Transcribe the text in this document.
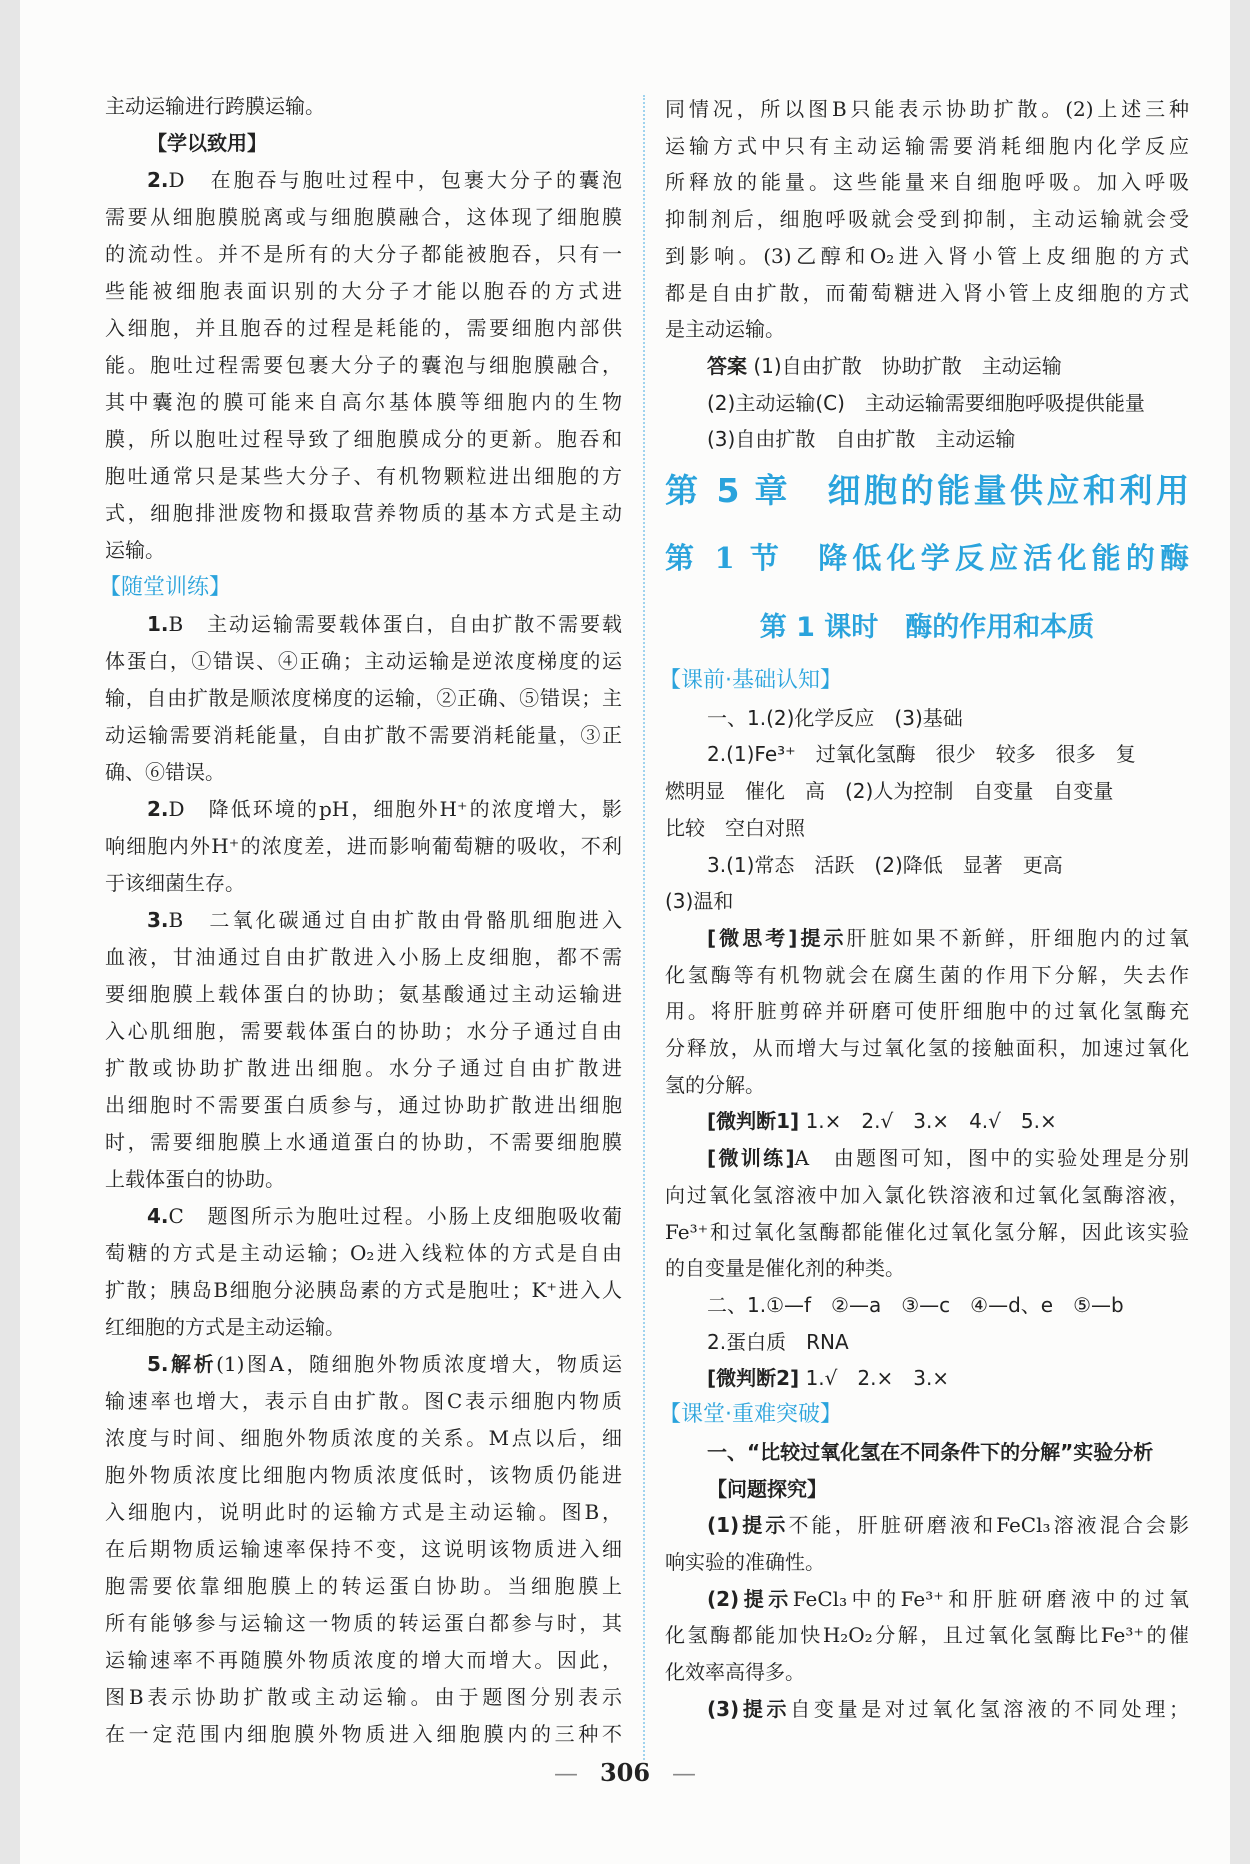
主动运输进行跨膜运输。
【学以致用】
2.D　在胞吞与胞吐过程中，包裹大分子的囊泡
需要从细胞膜脱离或与细胞膜融合，这体现了细胞膜
的流动性。并不是所有的大分子都能被胞吞，只有一
些能被细胞表面识别的大分子才能以胞吞的方式进
入细胞，并且胞吞的过程是耗能的，需要细胞内部供
能。胞吐过程需要包裹大分子的囊泡与细胞膜融合，
其中囊泡的膜可能来自高尔基体膜等细胞内的生物
膜，所以胞吐过程导致了细胞膜成分的更新。胞吞和
胞吐通常只是某些大分子、有机物颗粒进出细胞的方
式，细胞排泄废物和摄取营养物质的基本方式是主动
运输。
【随堂训练】
1.B　主动运输需要载体蛋白，自由扩散不需要载
体蛋白，①错误、④正确；主动运输是逆浓度梯度的运
输，自由扩散是顺浓度梯度的运输，②正确、⑤错误；主
动运输需要消耗能量，自由扩散不需要消耗能量，③正
确、⑥错误。
2.D　降低环境的pH，细胞外H⁺的浓度增大，影
响细胞内外H⁺的浓度差，进而影响葡萄糖的吸收，不利
于该细菌生存。
3.B　二氧化碳通过自由扩散由骨骼肌细胞进入
血液，甘油通过自由扩散进入小肠上皮细胞，都不需
要细胞膜上载体蛋白的协助；氨基酸通过主动运输进
入心肌细胞，需要载体蛋白的协助；水分子通过自由
扩散或协助扩散进出细胞。水分子通过自由扩散进
出细胞时不需要蛋白质参与，通过协助扩散进出细胞
时，需要细胞膜上水通道蛋白的协助，不需要细胞膜
上载体蛋白的协助。
4.C　题图所示为胞吐过程。小肠上皮细胞吸收葡
萄糖的方式是主动运输；O₂进入线粒体的方式是自由
扩散；胰岛B细胞分泌胰岛素的方式是胞吐；K⁺进入人
红细胞的方式是主动运输。
5.解析(1)图A，随细胞外物质浓度增大，物质运
输速率也增大，表示自由扩散。图C表示细胞内物质
浓度与时间、细胞外物质浓度的关系。M点以后，细
胞外物质浓度比细胞内物质浓度低时，该物质仍能进
入细胞内，说明此时的运输方式是主动运输。图B，
在后期物质运输速率保持不变，这说明该物质进入细
胞需要依靠细胞膜上的转运蛋白协助。当细胞膜上
所有能够参与运输这一物质的转运蛋白都参与时，其
运输速率不再随膜外物质浓度的增大而增大。因此，
图B表示协助扩散或主动运输。由于题图分别表示
在一定范围内细胞膜外物质进入细胞膜内的三种不
同情况，所以图B只能表示协助扩散。(2)上述三种
运输方式中只有主动运输需要消耗细胞内化学反应
所释放的能量。这些能量来自细胞呼吸。加入呼吸
抑制剂后，细胞呼吸就会受到抑制，主动运输就会受
到影响。(3)乙醇和O₂进入肾小管上皮细胞的方式
都是自由扩散，而葡萄糖进入肾小管上皮细胞的方式
是主动运输。
答案 (1)自由扩散　协助扩散　主动运输
(2)主动运输(C)　主动运输需要细胞呼吸提供能量
(3)自由扩散　自由扩散　主动运输
第 5 章　细胞的能量供应和利用
第 1 节　降低化学反应活化能的酶
第 1 课时　酶的作用和本质
【课前·基础认知】
一、1.(2)化学反应　(3)基础
2.(1)Fe³⁺　过氧化氢酶　很少　较多　很多　复
燃明显　催化　高　(2)人为控制　自变量　自变量
比较　空白对照
3.(1)常态　活跃　(2)降低　显著　更高
(3)温和
[微思考]提示肝脏如果不新鲜，肝细胞内的过氧
化氢酶等有机物就会在腐生菌的作用下分解，失去作
用。将肝脏剪碎并研磨可使肝细胞中的过氧化氢酶充
分释放，从而增大与过氧化氢的接触面积，加速过氧化
氢的分解。
[微判断1] 1.×　2.√　3.×　4.√　5.×
[微训练]A　由题图可知，图中的实验处理是分别
向过氧化氢溶液中加入氯化铁溶液和过氧化氢酶溶液，
Fe³⁺和过氧化氢酶都能催化过氧化氢分解，因此该实验
的自变量是催化剂的种类。
二、1.①—f　②—a　③—c　④—d、e　⑤—b
2.蛋白质　RNA
[微判断2] 1.√　2.×　3.×
【课堂·重难突破】
一、“比较过氧化氢在不同条件下的分解”实验分析
【问题探究】
(1)提示不能，肝脏研磨液和FeCl₃溶液混合会影
响实验的准确性。
(2)提示FeCl₃中的Fe³⁺和肝脏研磨液中的过氧
化氢酶都能加快H₂O₂分解，且过氧化氢酶比Fe³⁺的催
化效率高得多。
(3)提示自变量是对过氧化氢溶液的不同处理；
— 306 —
